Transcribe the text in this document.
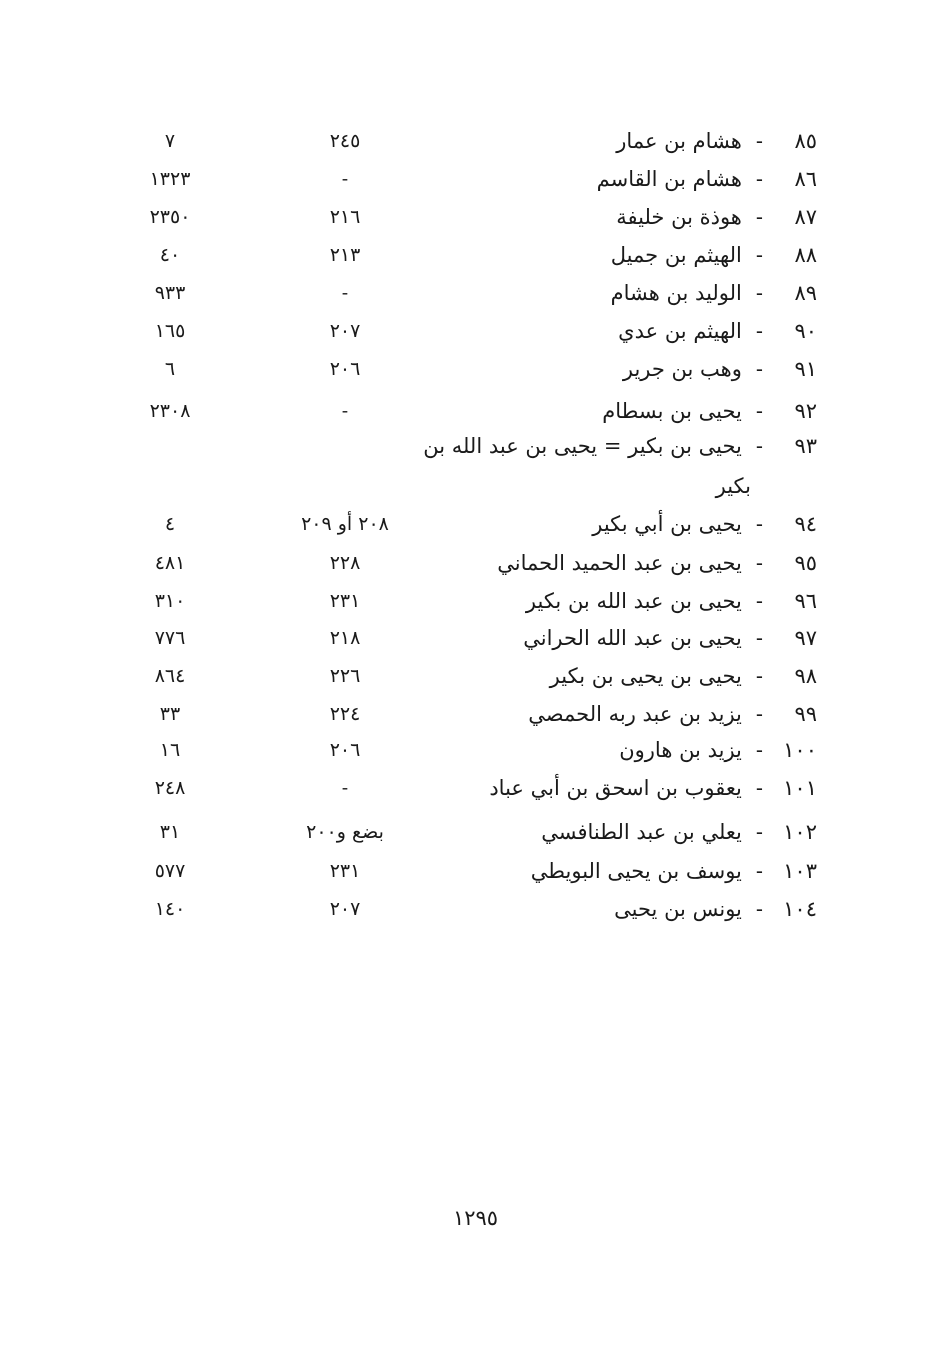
٨٥-هشام بن عمار
٢٤٥
٧
٨٦-هشام بن القاسم
-
١٣٢٣
٨٧-هوذة بن خليفة
٢١٦
٢٣٥٠
٨٨-الهيثم بن جميل
٢١٣
٤٠
٨٩-الوليد بن هشام
-
٩٣٣
٩٠-الهيثم بن عدي
٢٠٧
١٦٥
٩١-وهب بن جرير
٢٠٦
٦
٩٢-يحيى بن بسطام
-
٢٣٠٨
٩٣-يحيى بن بكير = يحيى بن عبد الله بن
بكير
٩٤-يحيى بن أبي بكير
٢٠٨ أو ٢٠٩
٤
٩٥-يحيى بن عبد الحميد الحماني
٢٢٨
٤٨١
٩٦-يحيى بن عبد الله بن بكير
٢٣١
٣١٠
٩٧-يحيى بن عبد الله الحراني
٢١٨
٧٧٦
٩٨-يحيى بن يحيى بن بكير
٢٢٦
٨٦٤
٩٩-يزيد بن عبد ربه الحمصي
٢٢٤
٣٣
١٠٠-يزيد بن هارون
٢٠٦
١٦
١٠١-يعقوب بن اسحق بن أبي عباد
-
٢٤٨
١٠٢-يعلي بن عبد الطنافسي
بضع و٢٠٠
٣١
١٠٣-يوسف بن يحيى البويطي
٢٣١
٥٧٧
١٠٤-يونس بن يحيى
٢٠٧
١٤٠
١٢٩٥
